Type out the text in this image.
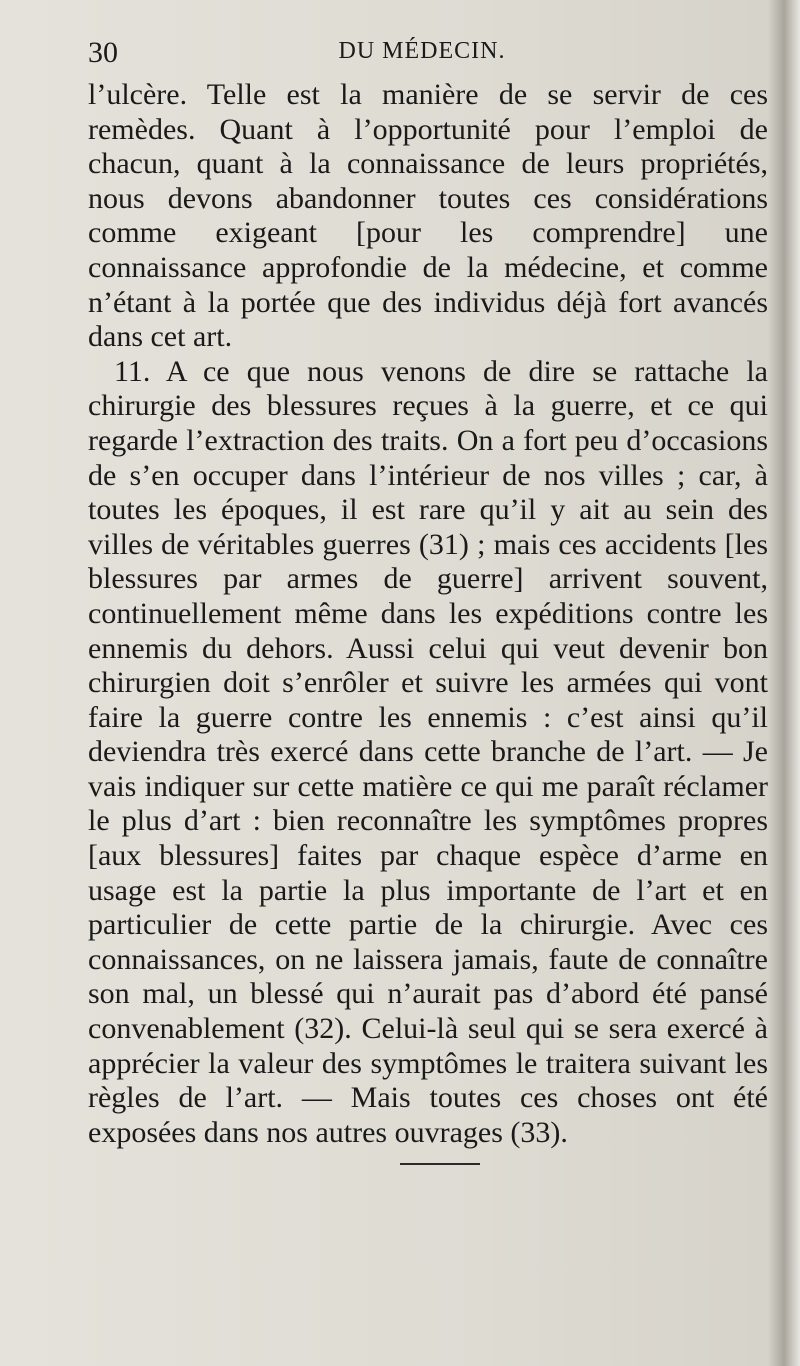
30	DU MÉDECIN.

l’ulcère. Telle est la manière de se servir de ces remèdes. Quant à l’opportunité pour l’emploi de chacun, quant à la connaissance de leurs propriétés, nous devons abandonner toutes ces considérations comme exigeant [pour les comprendre] une connaissance approfondie de la médecine, et comme n’étant à la portée que des individus déjà fort avancés dans cet art.

11. A ce que nous venons de dire se rattache la chirurgie des blessures reçues à la guerre, et ce qui regarde l’extraction des traits. On a fort peu d’occasions de s’en occuper dans l’intérieur de nos villes ; car, à toutes les époques, il est rare qu’il y ait au sein des villes de véritables guerres (31) ; mais ces accidents [les blessures par armes de guerre] arrivent souvent, continuellement même dans les expéditions contre les ennemis du dehors. Aussi celui qui veut devenir bon chirurgien doit s’enrôler et suivre les armées qui vont faire la guerre contre les ennemis : c’est ainsi qu’il deviendra très exercé dans cette branche de l’art. — Je vais indiquer sur cette matière ce qui me paraît réclamer le plus d’art : bien reconnaître les symptômes propres [aux blessures] faites par chaque espèce d’arme en usage est la partie la plus importante de l’art et en particulier de cette partie de la chirurgie. Avec ces connaissances, on ne laissera jamais, faute de connaître son mal, un blessé qui n’aurait pas d’abord été pansé convenablement (32). Celui-là seul qui se sera exercé à apprécier la valeur des symptômes le traitera suivant les règles de l’art. — Mais toutes ces choses ont été exposées dans nos autres ouvrages (33).
